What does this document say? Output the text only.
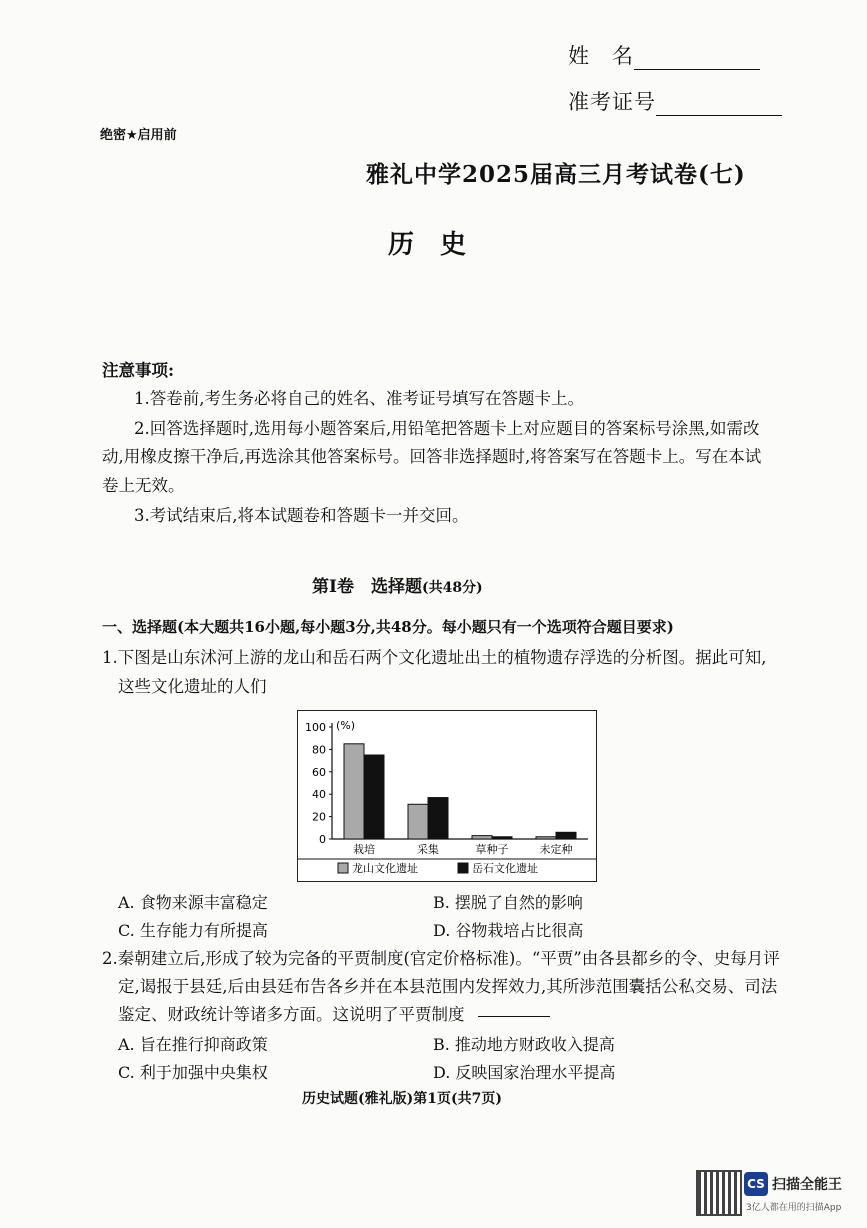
姓　名
准考证号
绝密★启用前
雅礼中学2025届高三月考试卷(七)
历　史
注意事项:
1.答卷前,考生务必将自己的姓名、准考证号填写在答题卡上。
2.回答选择题时,选用每小题答案后,用铅笔把答题卡上对应题目的答案标号涂黑,如需改
动,用橡皮擦干净后,再选涂其他答案标号。回答非选择题时,将答案写在答题卡上。写在本试
卷上无效。
3.考试结束后,将本试题卷和答题卡一并交回。
第Ⅰ卷　选择题(共48分)
一、选择题(本大题共16小题,每小题3分,共48分。每小题只有一个选项符合题目要求)
1.下图是山东沭河上游的龙山和岳石两个文化遗址出土的植物遗存浮选的分析图。据此可知,
这些文化遗址的人们
0
20
40
60
80
100 (%)
栽培	采集	草种子	未定种
龙山文化遗址	岳石文化遗址
A. 食物来源丰富稳定	B. 摆脱了自然的影响
C. 生存能力有所提高	D. 谷物栽培占比很高
2.秦朝建立后,形成了较为完备的平贾制度(官定价格标准)。“平贾”由各县都乡的令、史每月评
定,谒报于县廷,后由县廷布告各乡并在本县范围内发挥效力,其所涉范围囊括公私交易、司法
鉴定、财政统计等诸多方面。这说明了平贾制度
A. 旨在推行抑商政策	B. 推动地方财政收入提高
C. 利于加强中央集权	D. 反映国家治理水平提高
历史试题(雅礼版)第1页(共7页)
CS 扫描全能王
3亿人都在用的扫描App
